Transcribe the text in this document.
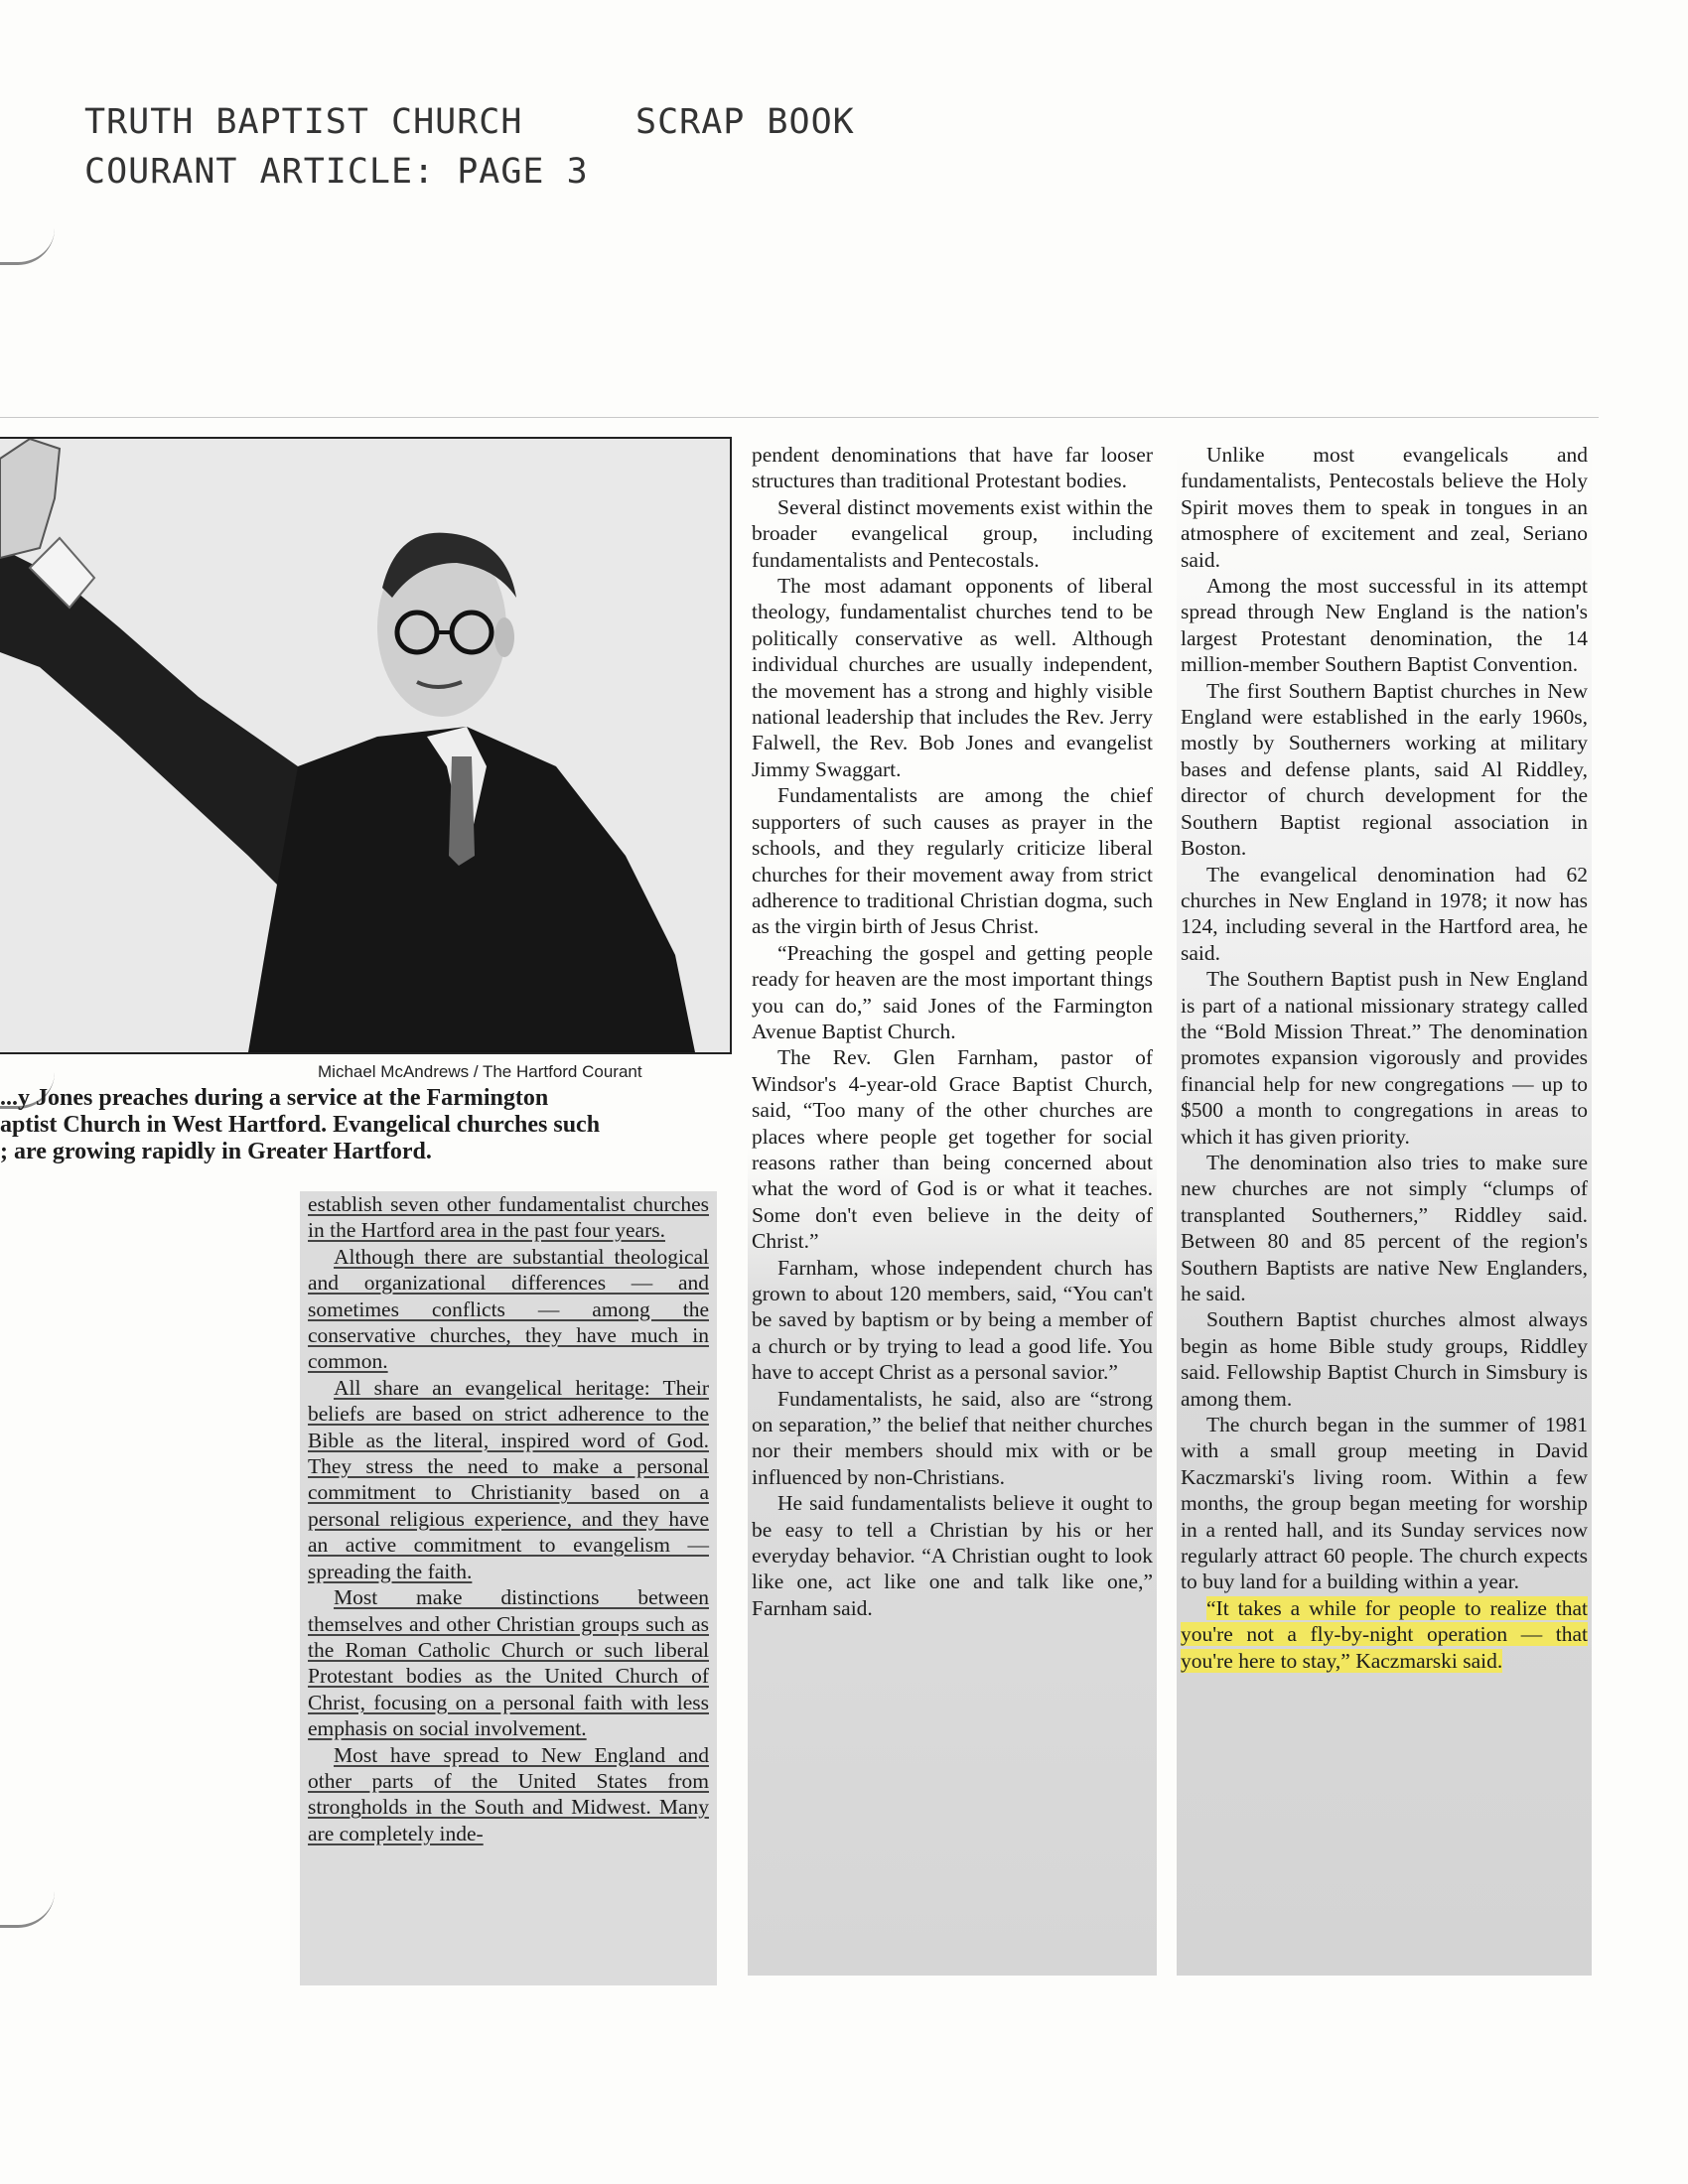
TRUTH BAPTIST CHURCH
COURANT ARTICLE: PAGE 3
SCRAP BOOK
Michael McAndrews / The Hartford Courant
...y Jones preaches during a service at the Farmington
aptist Church in West Hartford. Evangelical churches such
; are growing rapidly in Greater Hartford.

establish seven other fundamentalist churches in the Hartford area in the past four years.

Although there are substantial theological and organizational differences — and sometimes conflicts — among the conservative churches, they have much in common.

All share an evangelical heritage: Their beliefs are based on strict adherence to the Bible as the literal, inspired word of God. They stress the need to make a personal commitment to Christianity based on a personal religious experience, and they have an active commitment to evangelism — spreading the faith.

Most make distinctions between themselves and other Christian groups such as the Roman Catholic Church or such liberal Protestant bodies as the United Church of Christ, focusing on a personal faith with less emphasis on social involvement.

Most have spread to New England and other parts of the United States from strongholds in the South and Midwest. Many are completely inde-

pendent denominations that have far looser structures than traditional Protestant bodies.

Several distinct movements exist within the broader evangelical group, including fundamentalists and Pentecostals.

The most adamant opponents of liberal theology, fundamentalist churches tend to be politically conservative as well. Although individual churches are usually independent, the movement has a strong and highly visible national leadership that includes the Rev. Jerry Falwell, the Rev. Bob Jones and evangelist Jimmy Swaggart.

Fundamentalists are among the chief supporters of such causes as prayer in the schools, and they regularly criticize liberal churches for their movement away from strict adherence to traditional Christian dogma, such as the virgin birth of Jesus Christ.

“Preaching the gospel and getting people ready for heaven are the most important things you can do,” said Jones of the Farmington Avenue Baptist Church.

The Rev. Glen Farnham, pastor of Windsor's 4-year-old Grace Baptist Church, said, “Too many of the other churches are places where people get together for social reasons rather than being concerned about what the word of God is or what it teaches. Some don't even believe in the deity of Christ.”

Farnham, whose independent church has grown to about 120 members, said, “You can't be saved by baptism or by being a member of a church or by trying to lead a good life. You have to accept Christ as a personal savior.”

Fundamentalists, he said, also are “strong on separation,” the belief that neither churches nor their members should mix with or be influenced by non-Christians.

He said fundamentalists believe it ought to be easy to tell a Christian by his or her everyday behavior. “A Christian ought to look like one, act like one and talk like one,” Farnham said.

Unlike most evangelicals and fundamentalists, Pentecostals believe the Holy Spirit moves them to speak in tongues in an atmosphere of excitement and zeal, Seriano said.

Among the most successful in its attempt spread through New England is the nation's largest Protestant denomination, the 14 million-member Southern Baptist Convention.

The first Southern Baptist churches in New England were established in the early 1960s, mostly by Southerners working at military bases and defense plants, said Al Riddley, director of church development for the Southern Baptist regional association in Boston.

The evangelical denomination had 62 churches in New England in 1978; it now has 124, including several in the Hartford area, he said.

The Southern Baptist push in New England is part of a national missionary strategy called the “Bold Mission Threat.” The denomination promotes expansion vigorously and provides financial help for new congregations — up to $500 a month to congregations in areas to which it has given priority.

The denomination also tries to make sure new churches are not simply “clumps of transplanted Southerners,” Riddley said. Between 80 and 85 percent of the region's Southern Baptists are native New Englanders, he said.

Southern Baptist churches almost always begin as home Bible study groups, Riddley said. Fellowship Baptist Church in Simsbury is among them.

The church began in the summer of 1981 with a small group meeting in David Kaczmarski's living room. Within a few months, the group began meeting for worship in a rented hall, and its Sunday services now regularly attract 60 people. The church expects to buy land for a building within a year.

“It takes a while for people to realize that you're not a fly-by-night operation — that you're here to stay,” Kaczmarski said.
